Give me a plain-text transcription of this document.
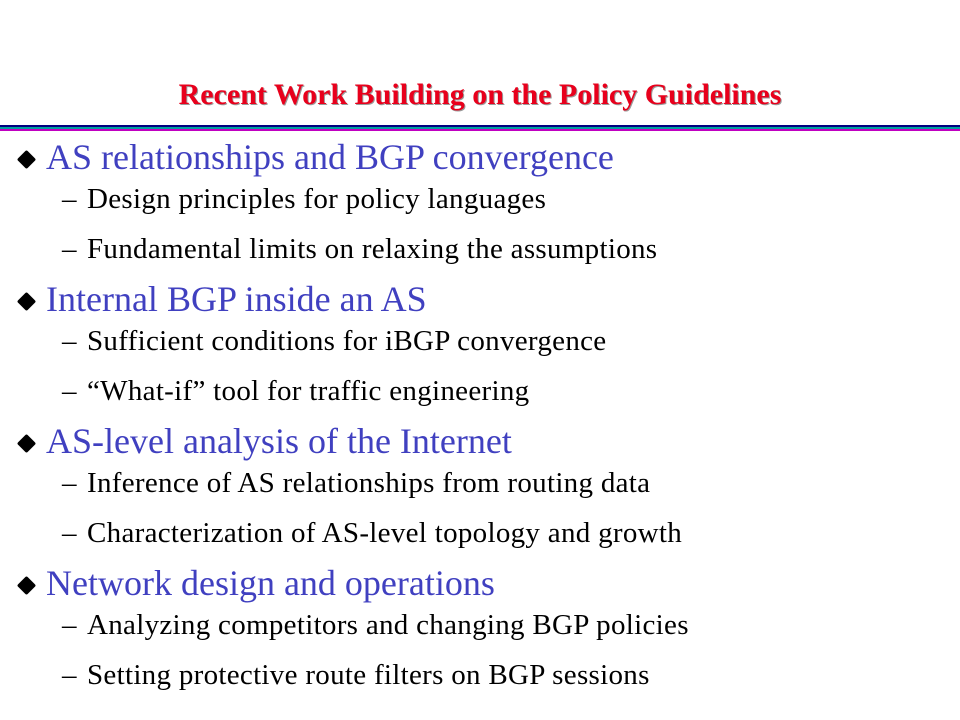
Recent Work Building on the Policy Guidelines
AS relationships and BGP convergence
– Design principles for policy languages
– Fundamental limits on relaxing the assumptions
Internal BGP inside an AS
– Sufficient conditions for iBGP convergence
– “What-if” tool for traffic engineering
AS-level analysis of the Internet
– Inference of AS relationships from routing data
– Characterization of AS-level topology and growth
Network design and operations
– Analyzing competitors and changing BGP policies
– Setting protective route filters on BGP sessions
